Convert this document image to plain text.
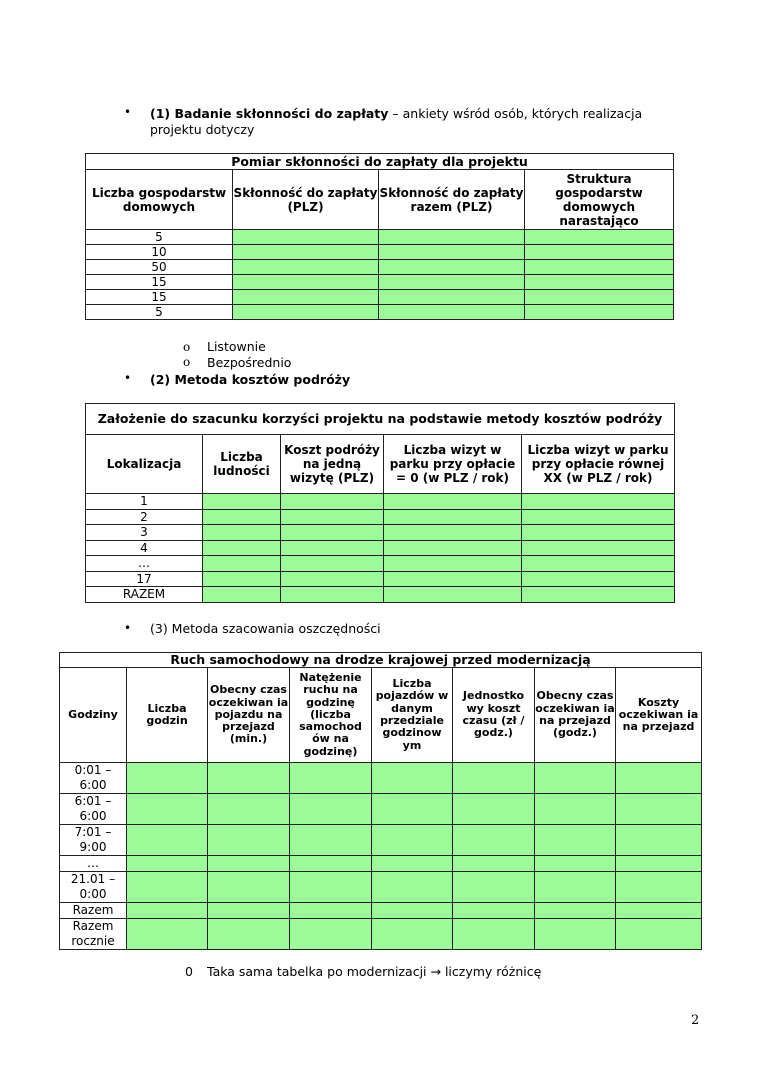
• (1) Badanie skłonności do zapłaty – ankiety wśród osób, których realizacja
projektu dotyczy
Pomiar skłonności do zapłaty dla projektu			
Liczba gospodarstw domowych	Skłonność do zapłaty (PLZ)	Skłonność do zapłaty razem (PLZ)	Struktura gospodarstw domowych narastająco
5			
10			
50			
15			
15			
5			
o Listownie
o Bezpośrednio
• (2) Metoda kosztów podróży
Założenie do szacunku korzyści projektu na podstawie metody kosztów podróży				
Lokalizacja	Liczba ludności	Koszt podróży na jedną wizytę (PLZ)	Liczba wizyt w parku przy opłacie = 0 (w PLZ / rok)	Liczba wizyt w parku przy opłacie równej XX (w PLZ / rok)
1				
2				
3				
4				
…				
17				
RAZEM				
• (3) Metoda szacowania oszczędności
Ruch samochodowy na drodze krajowej przed modernizacją							
Godziny	Liczba godzin	Obecny czas oczekiwan ia pojazdu na przejazd (min.)	Natężenie ruchu na godzinę (liczba samochod ów na godzinę)	Liczba pojazdów w danym przedziale godzinow ym	Jednostko wy koszt czasu (zł / godz.)	Obecny czas oczekiwan ia na przejazd (godz.)	Koszty oczekiwan ia na przejazd
0:01 – 6:00							
6:01 – 6:00							
7:01 – 9:00							
…							
21.01 – 0:00							
Razem							
Razem rocznie							
0 Taka sama tabelka po modernizacji → liczymy różnicę
2
